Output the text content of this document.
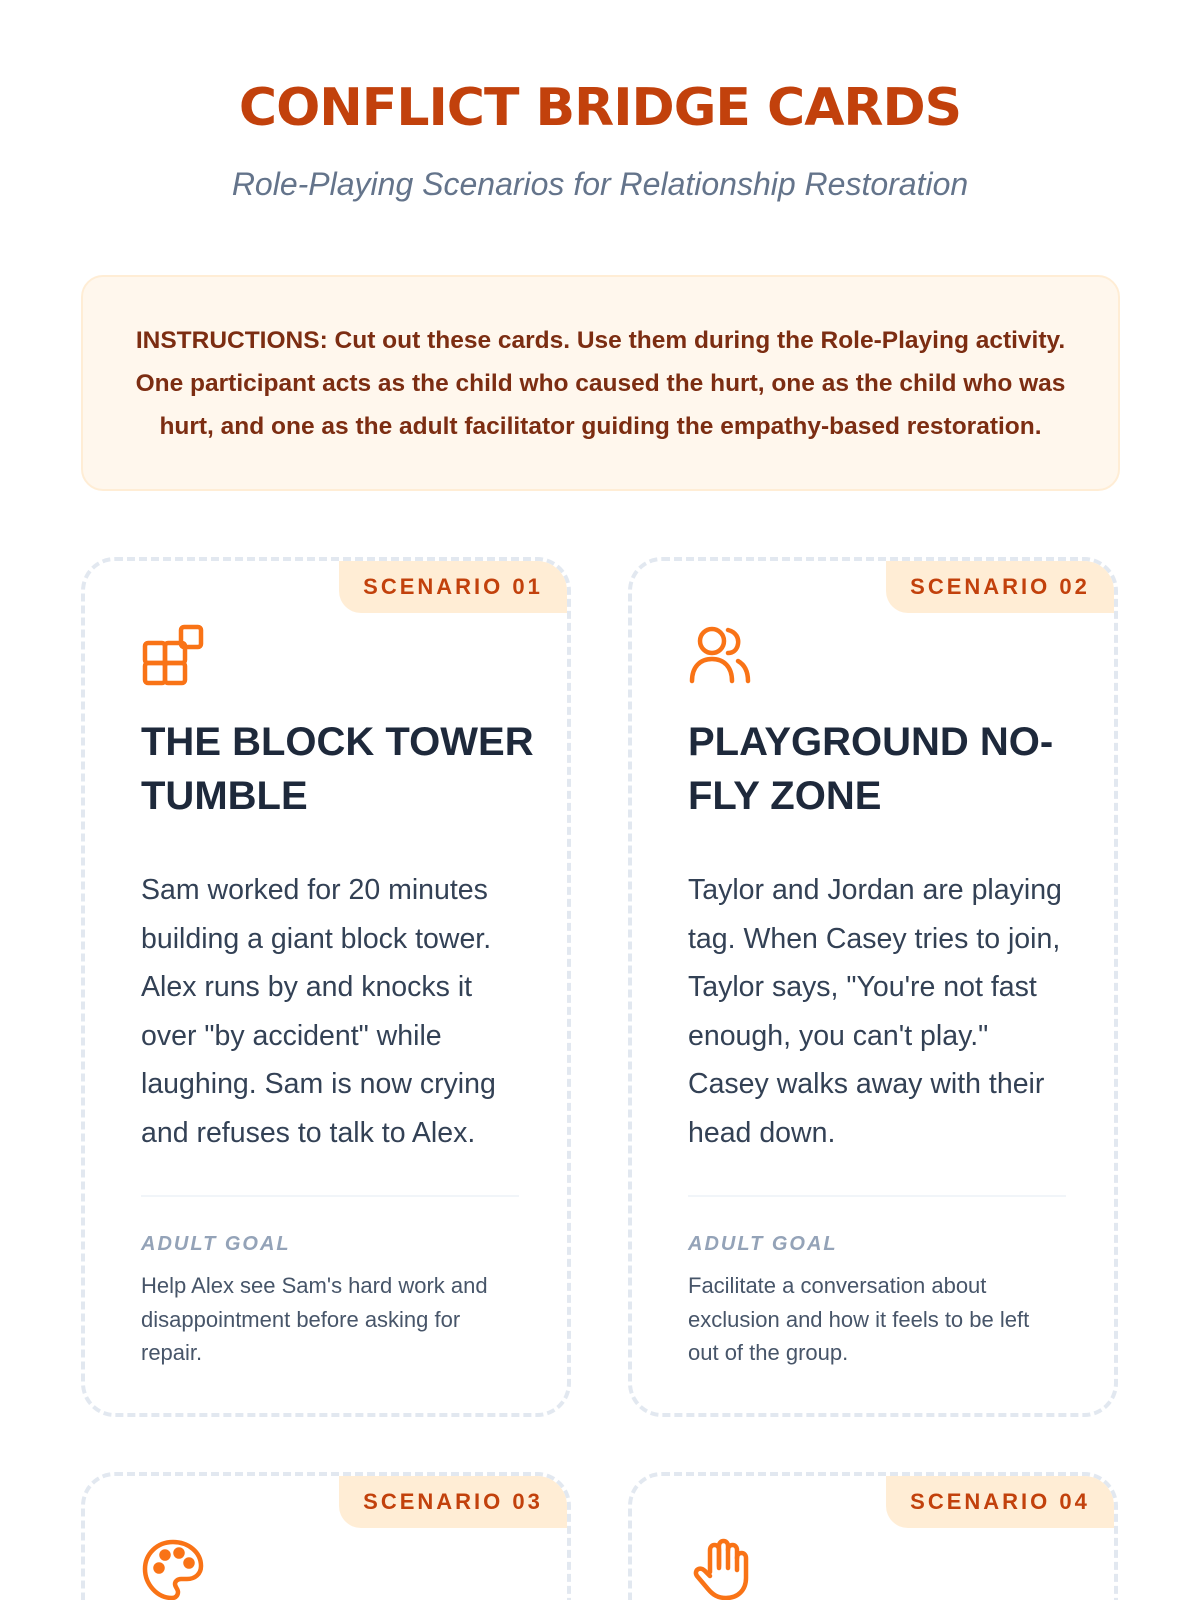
CONFLICT BRIDGE CARDS
Role-Playing Scenarios for Relationship Restoration

INSTRUCTIONS: Cut out these cards. Use them during the Role-Playing activity. One participant acts as the child who caused the hurt, one as the child who was hurt, and one as the adult facilitator guiding the empathy-based restoration.

SCENARIO 01
THE BLOCK TOWER TUMBLE
Sam worked for 20 minutes building a giant block tower. Alex runs by and knocks it over "by accident" while laughing. Sam is now crying and refuses to talk to Alex.
ADULT GOAL
Help Alex see Sam's hard work and disappointment before asking for repair.
SCENARIO 02
PLAYGROUND NO-FLY ZONE
Taylor and Jordan are playing tag. When Casey tries to join, Taylor says, "You're not fast enough, you can't play." Casey walks away with their head down.
ADULT GOAL
Facilitate a conversation about exclusion and how it feels to be left out of the group.
SCENARIO 03	SCENARIO 04
